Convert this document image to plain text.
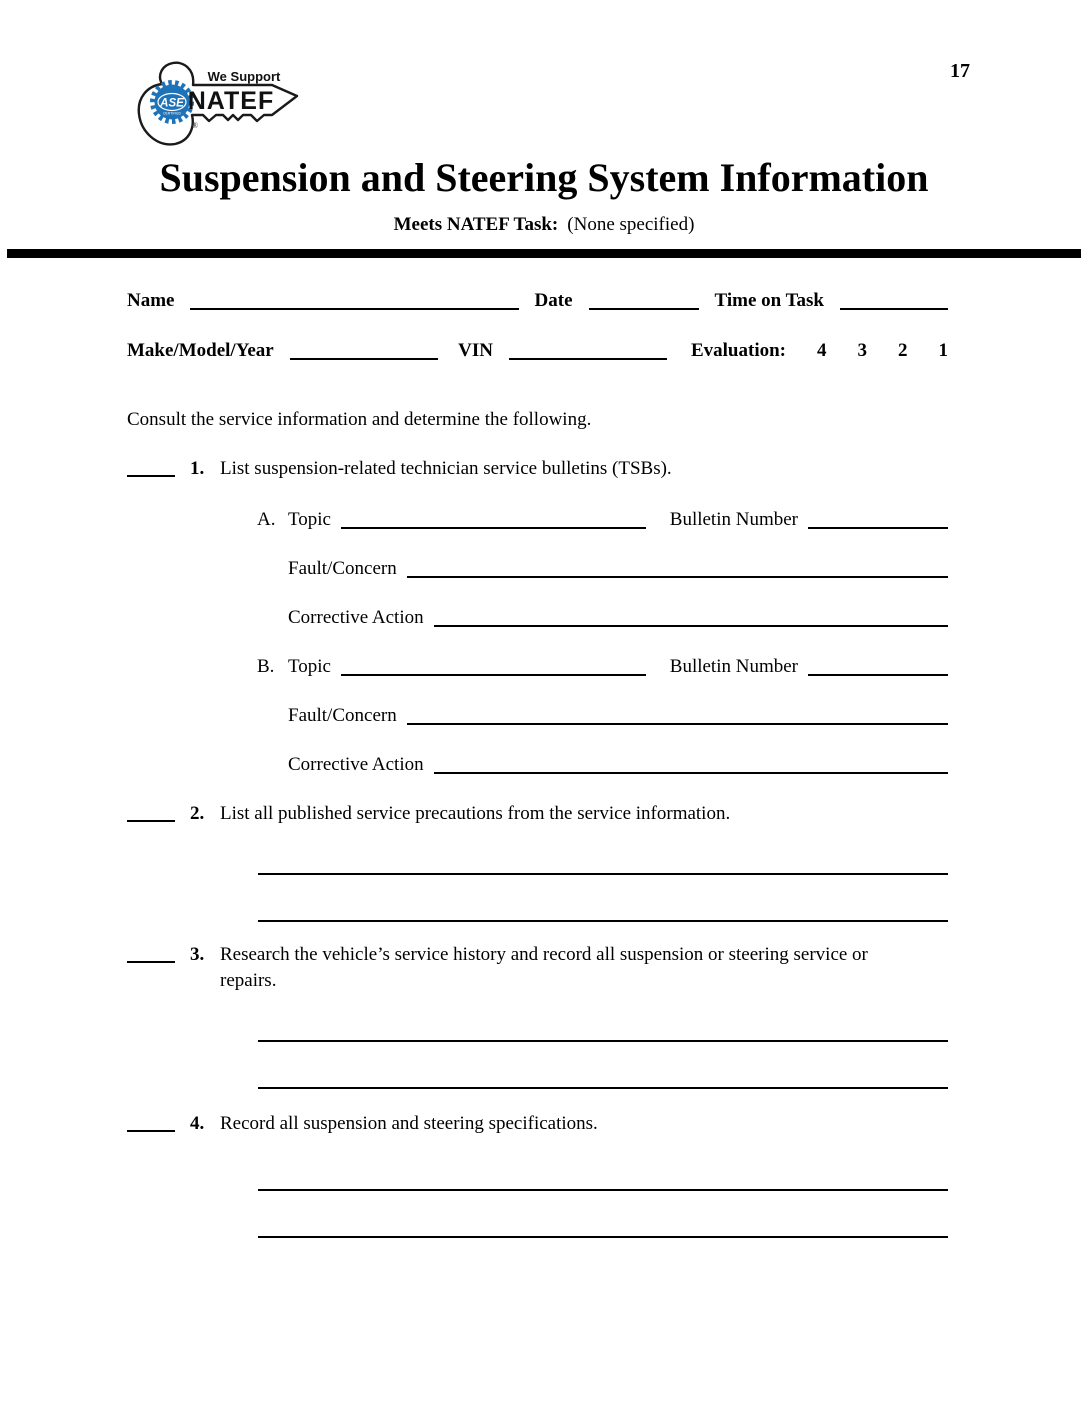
17
ASE
CERTIFIED
We Support
NATEF
®
Suspension and Steering System Information
Meets NATEF Task: (None specified)
Name	Date	Time on Task
Make/Model/Year	VIN	Evaluation: 4 3 2 1

Consult the service information and determine the following.

1. List suspension-related technician service bulletins (TSBs).
A. Topic	Bulletin Number
Fault/Concern
Corrective Action
B. Topic	Bulletin Number
Fault/Concern
Corrective Action
2. List all published service precautions from the service information.
3. Research the vehicle’s service history and record all suspension or steering service or
repairs.
4. Record all suspension and steering specifications.
